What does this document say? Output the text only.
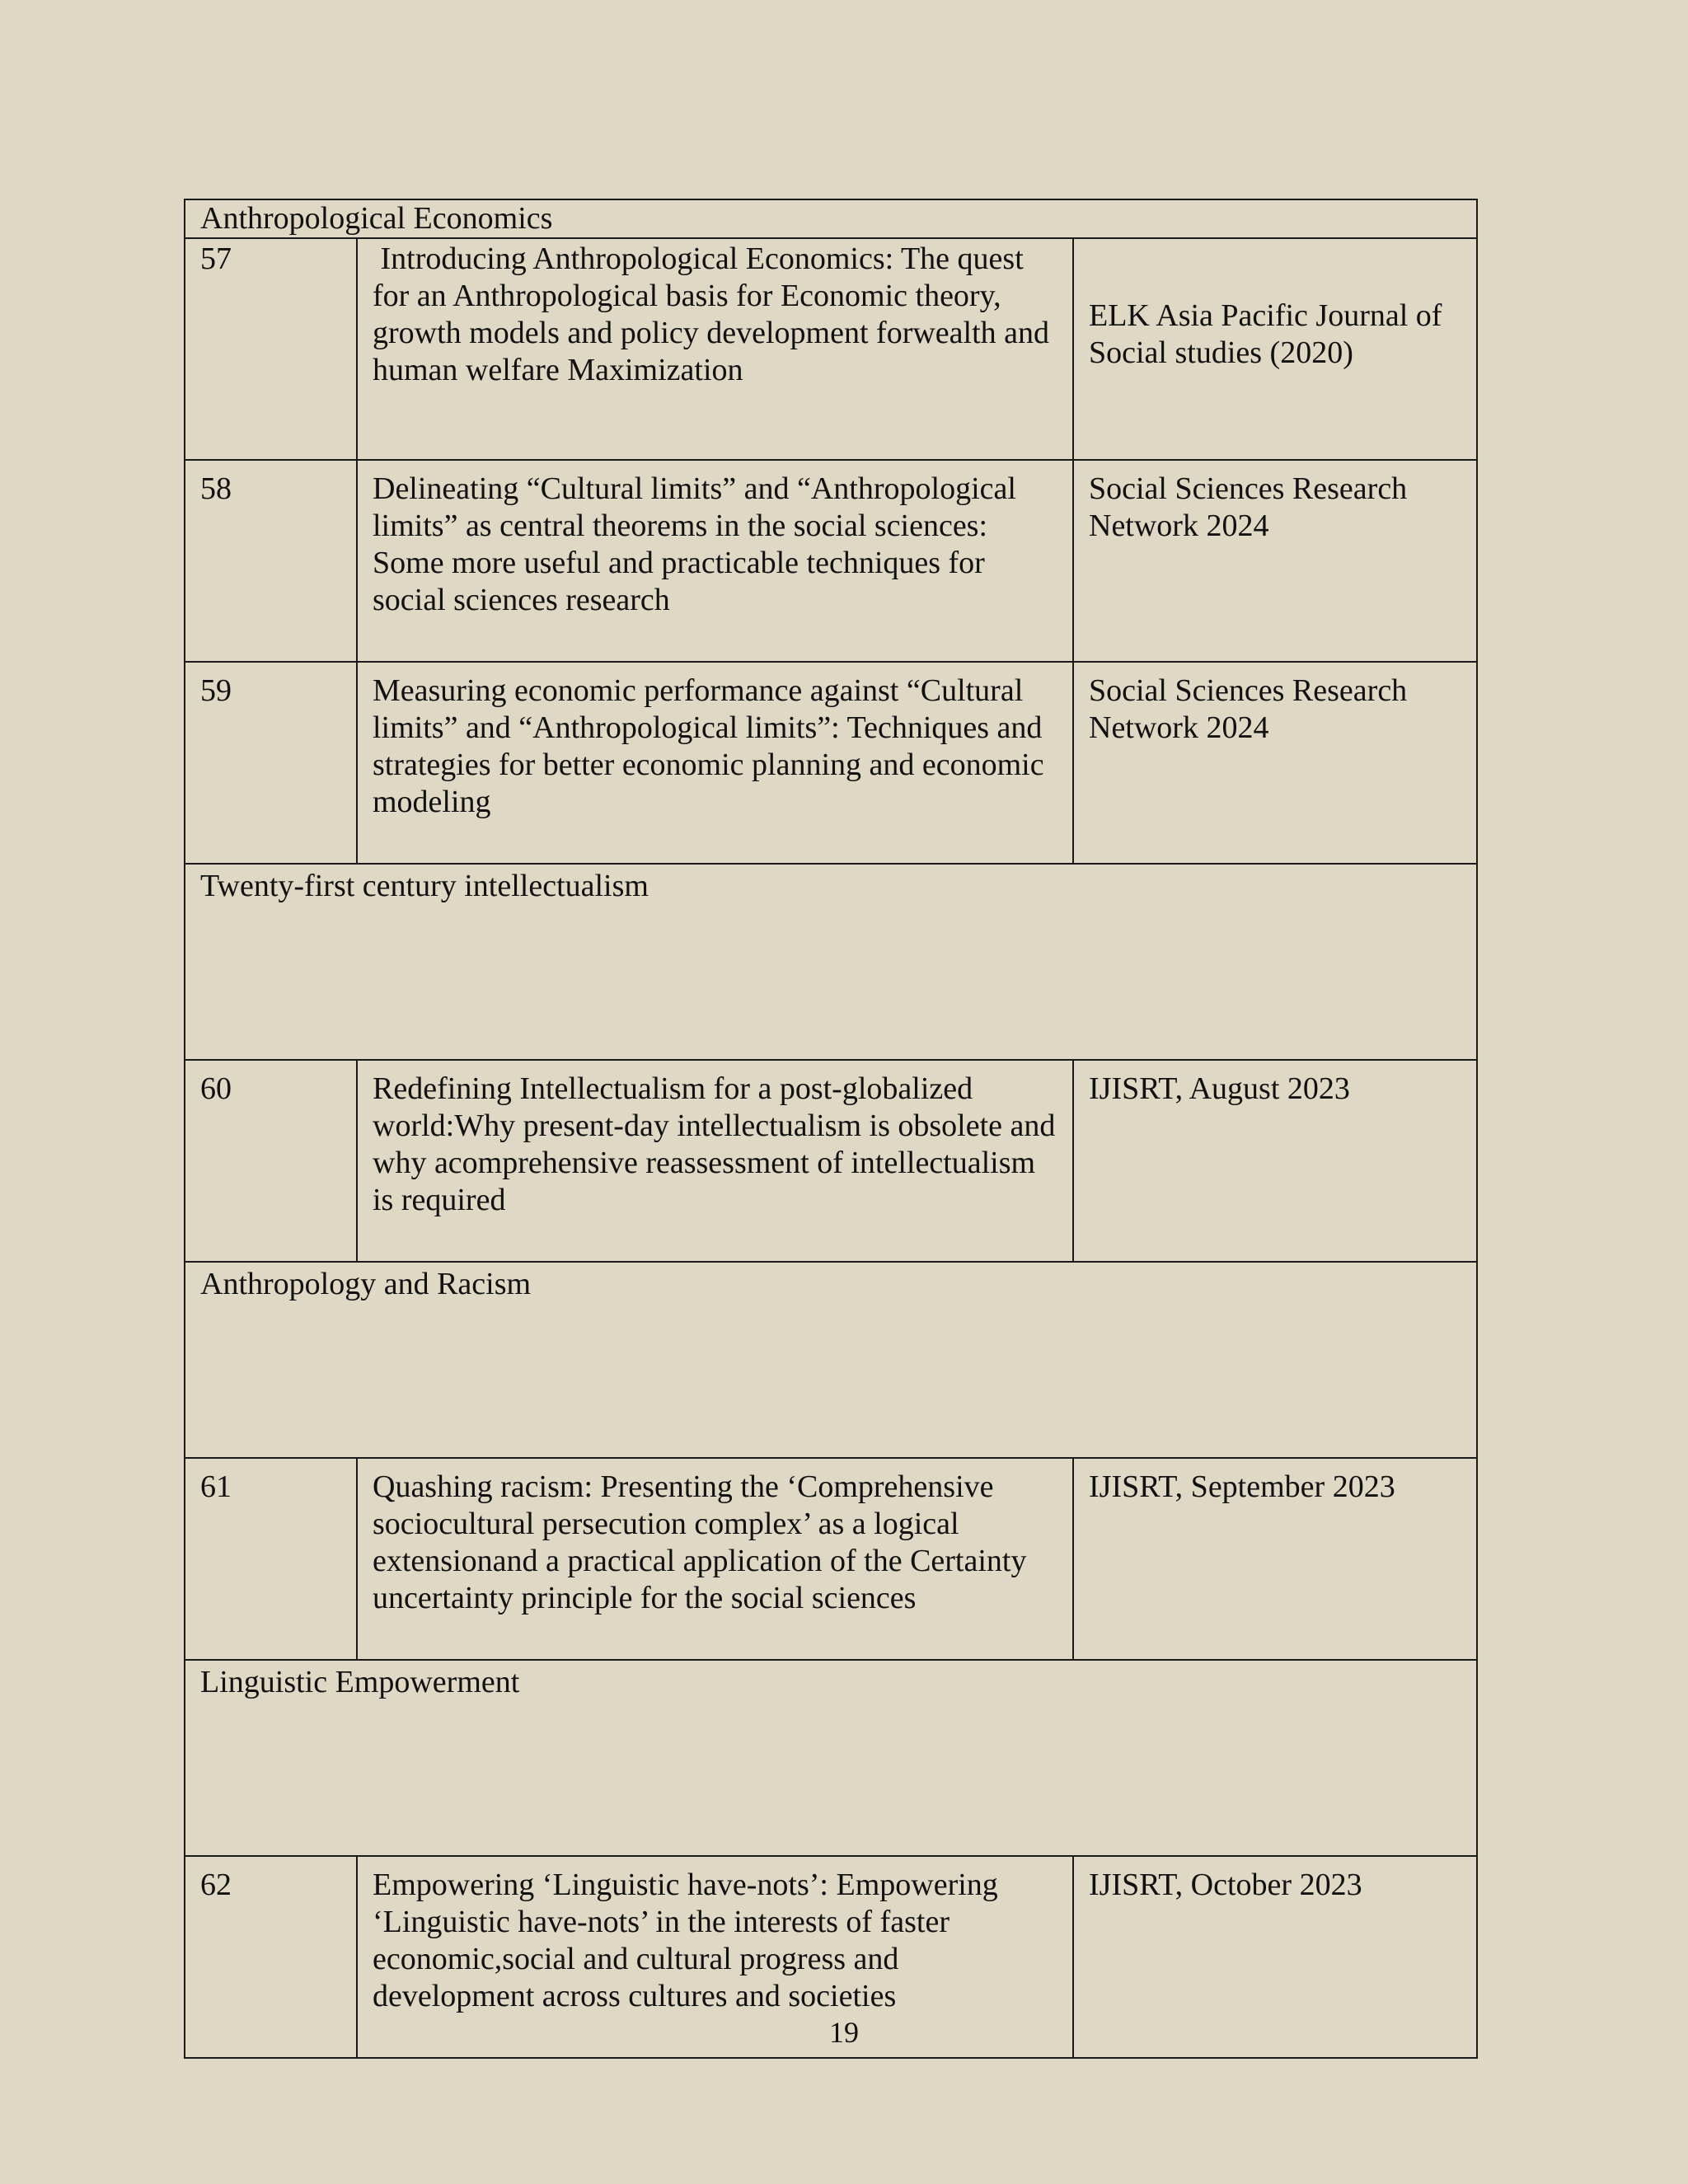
Anthropological Economics		
57	Introducing Anthropological Economics: The quest for an Anthropological basis for Economic theory, growth models and policy development forwealth and human welfare Maximization	ELK Asia Pacific Journal of Social studies (2020)
58	Delineating “Cultural limits” and “Anthropological limits” as central theorems in the social sciences: Some more useful and practicable techniques for social sciences research	Social Sciences Research Network 2024
59	Measuring economic performance against “Cultural limits” and “Anthropological limits”: Techniques and strategies for better economic planning and economic modeling	Social Sciences Research Network 2024
Twenty-first century intellectualism		
60	Redefining Intellectualism for a post-globalized world:Why present-day intellectualism is obsolete and why acomprehensive reassessment of intellectualism is required	IJISRT, August 2023
Anthropology and Racism		
61	Quashing racism: Presenting the ‘Comprehensive sociocultural persecution complex’ as a logical extensionand a practical application of the Certainty uncertainty principle for the social sciences	IJISRT, September 2023
Linguistic Empowerment		
62	Empowering ‘Linguistic have-nots’: Empowering ‘Linguistic have-nots’ in the interests of faster economic,social and cultural progress and development across cultures and societies	IJISRT, October 2023
19
